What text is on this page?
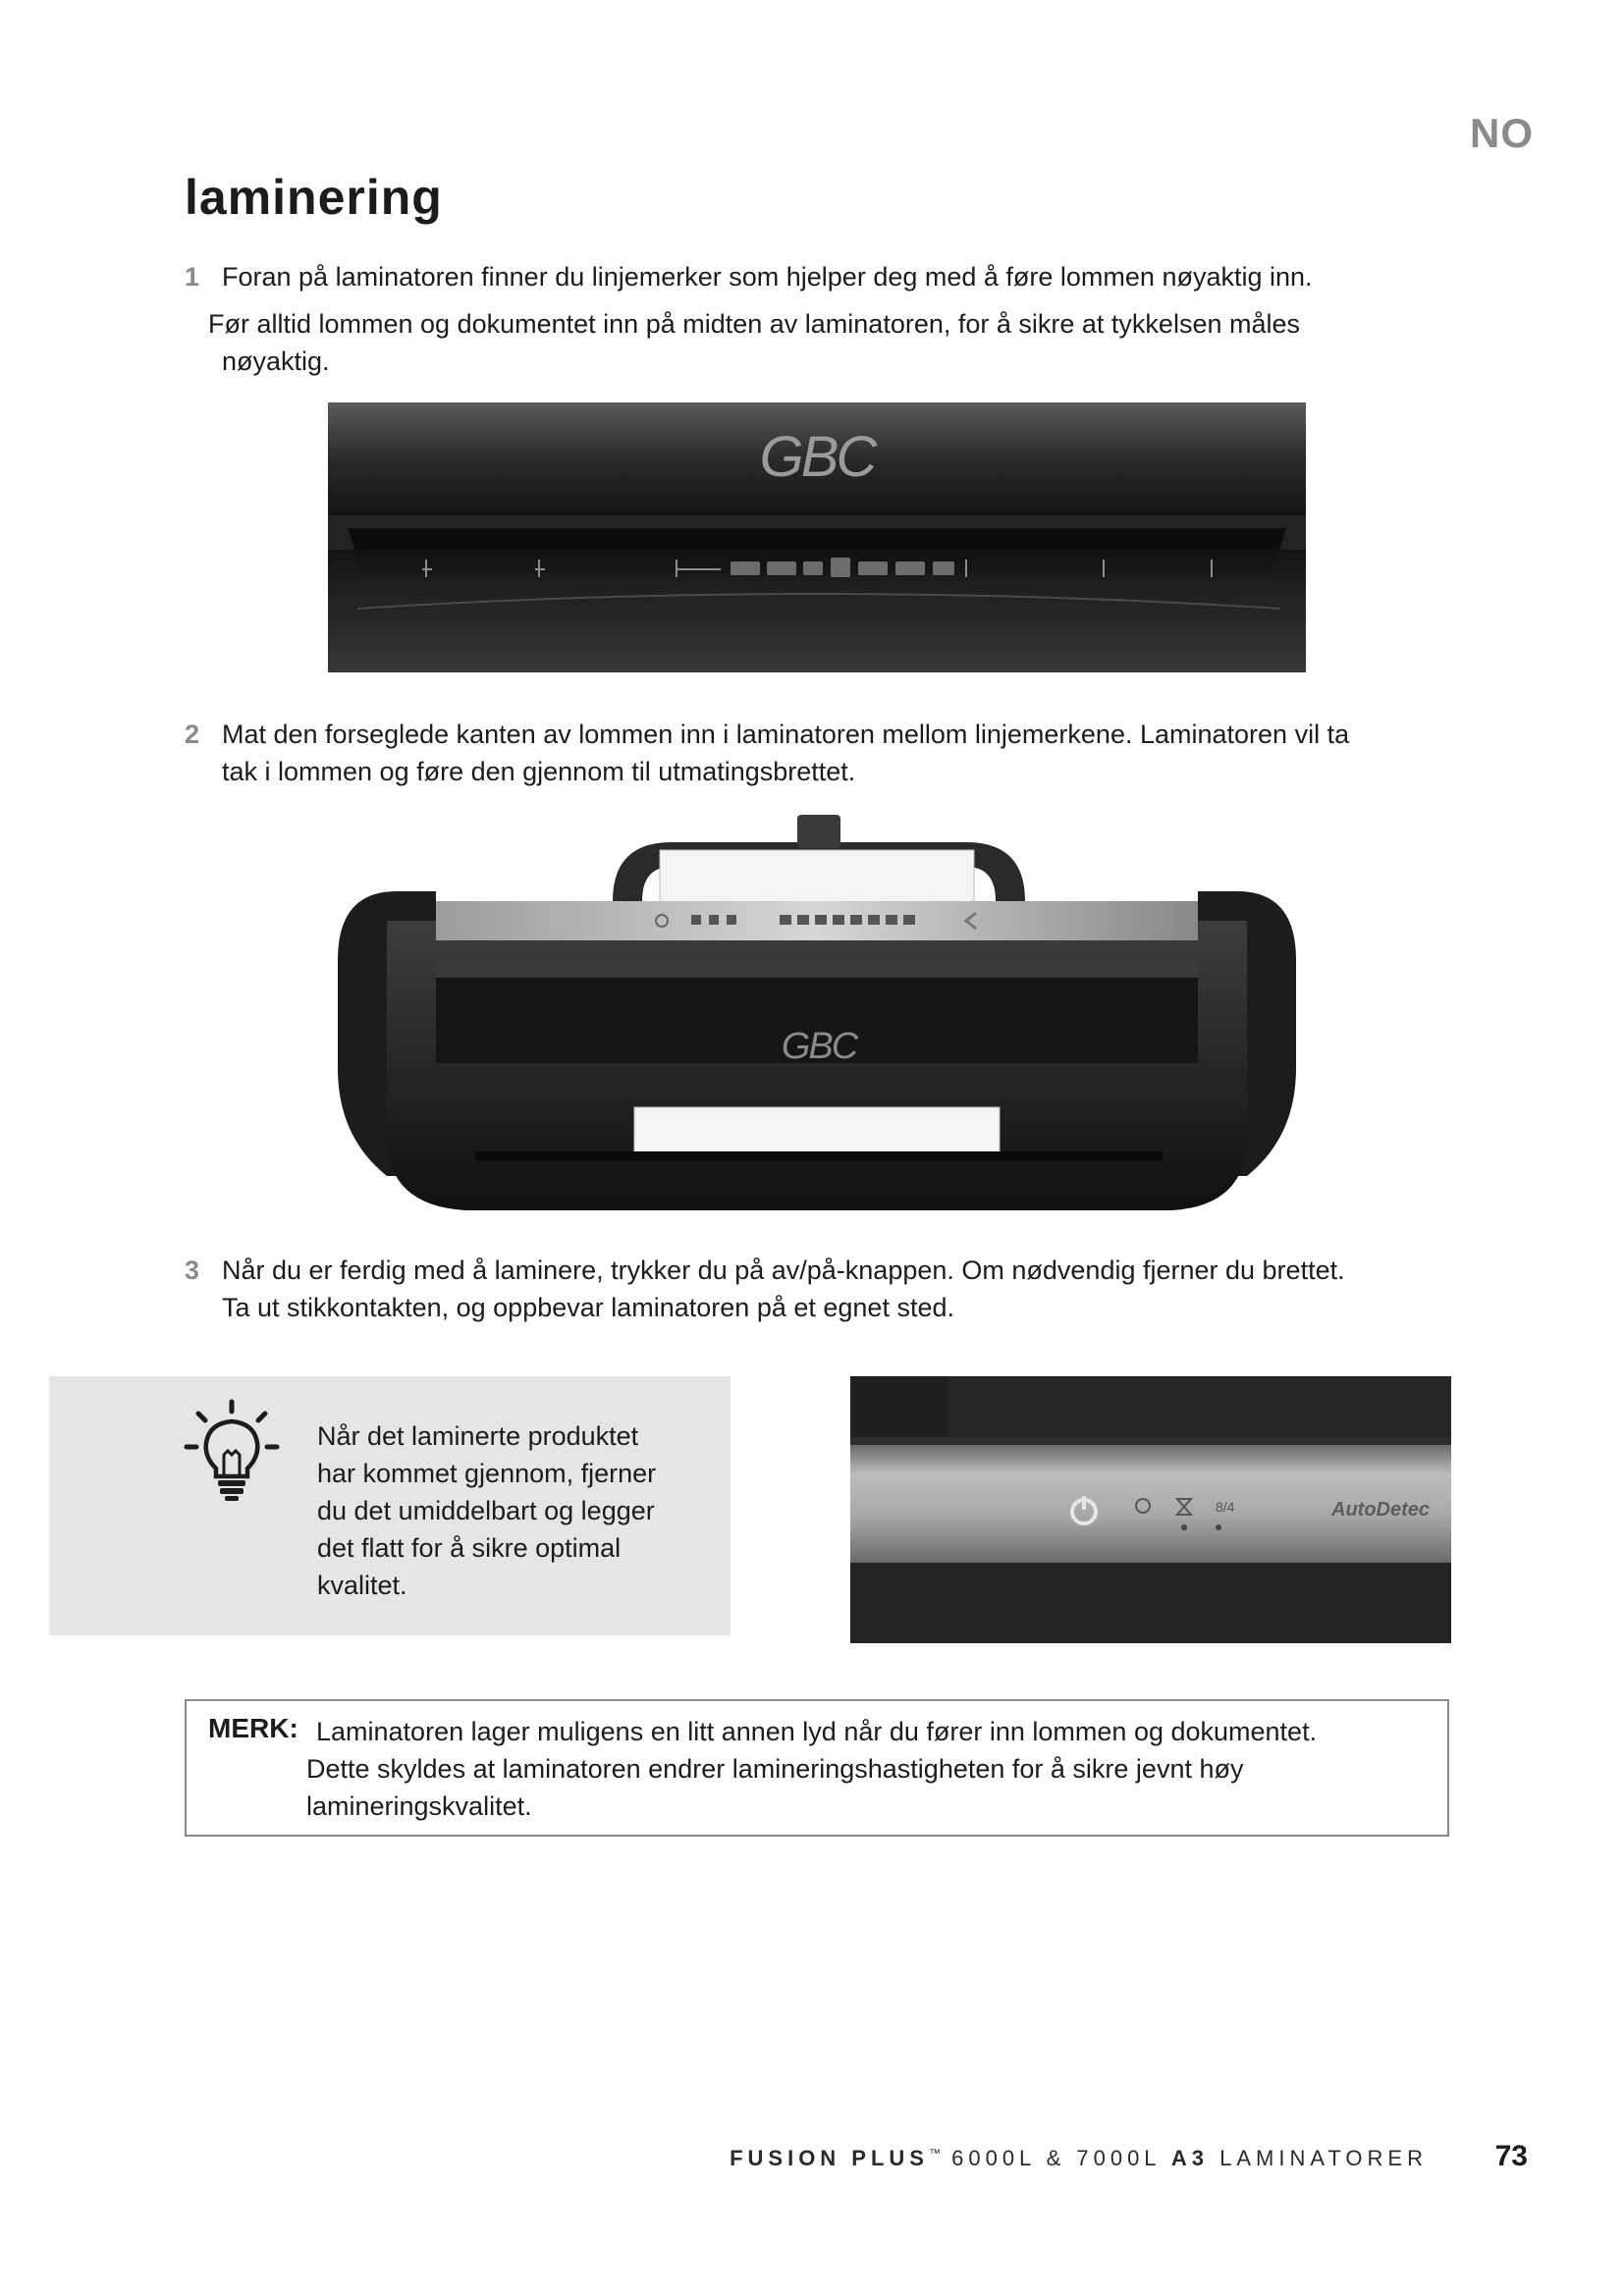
NO
laminering
1 Foran på laminatoren finner du linjemerker som hjelper deg med å føre lommen nøyaktig inn.
Før alltid lommen og dokumentet inn på midten av laminatoren, for å sikre at tykkelsen måles
nøyaktig.
GBC
2 Mat den forseglede kanten av lommen inn i laminatoren mellom linjemerkene. Laminatoren vil ta
tak i lommen og føre den gjennom til utmatingsbrettet.
GBC
3 Når du er ferdig med å laminere, trykker du på av/på-knappen. Om nødvendig fjerner du brettet.
Ta ut stikkontakten, og oppbevar laminatoren på et egnet sted.
Når det laminerte produktet
har kommet gjennom, fjerner
du det umiddelbart og legger
det flatt for å sikre optimal
kvalitet.
8/4	AutoDetec
MERK: Laminatoren lager muligens en litt annen lyd når du fører inn lommen og dokumentet.
Dette skyldes at laminatoren endrer lamineringshastigheten for å sikre jevnt høy
lamineringskvalitet.
FUSION PLUS™ 6000L & 7000L A3 LAMINATORER 73
